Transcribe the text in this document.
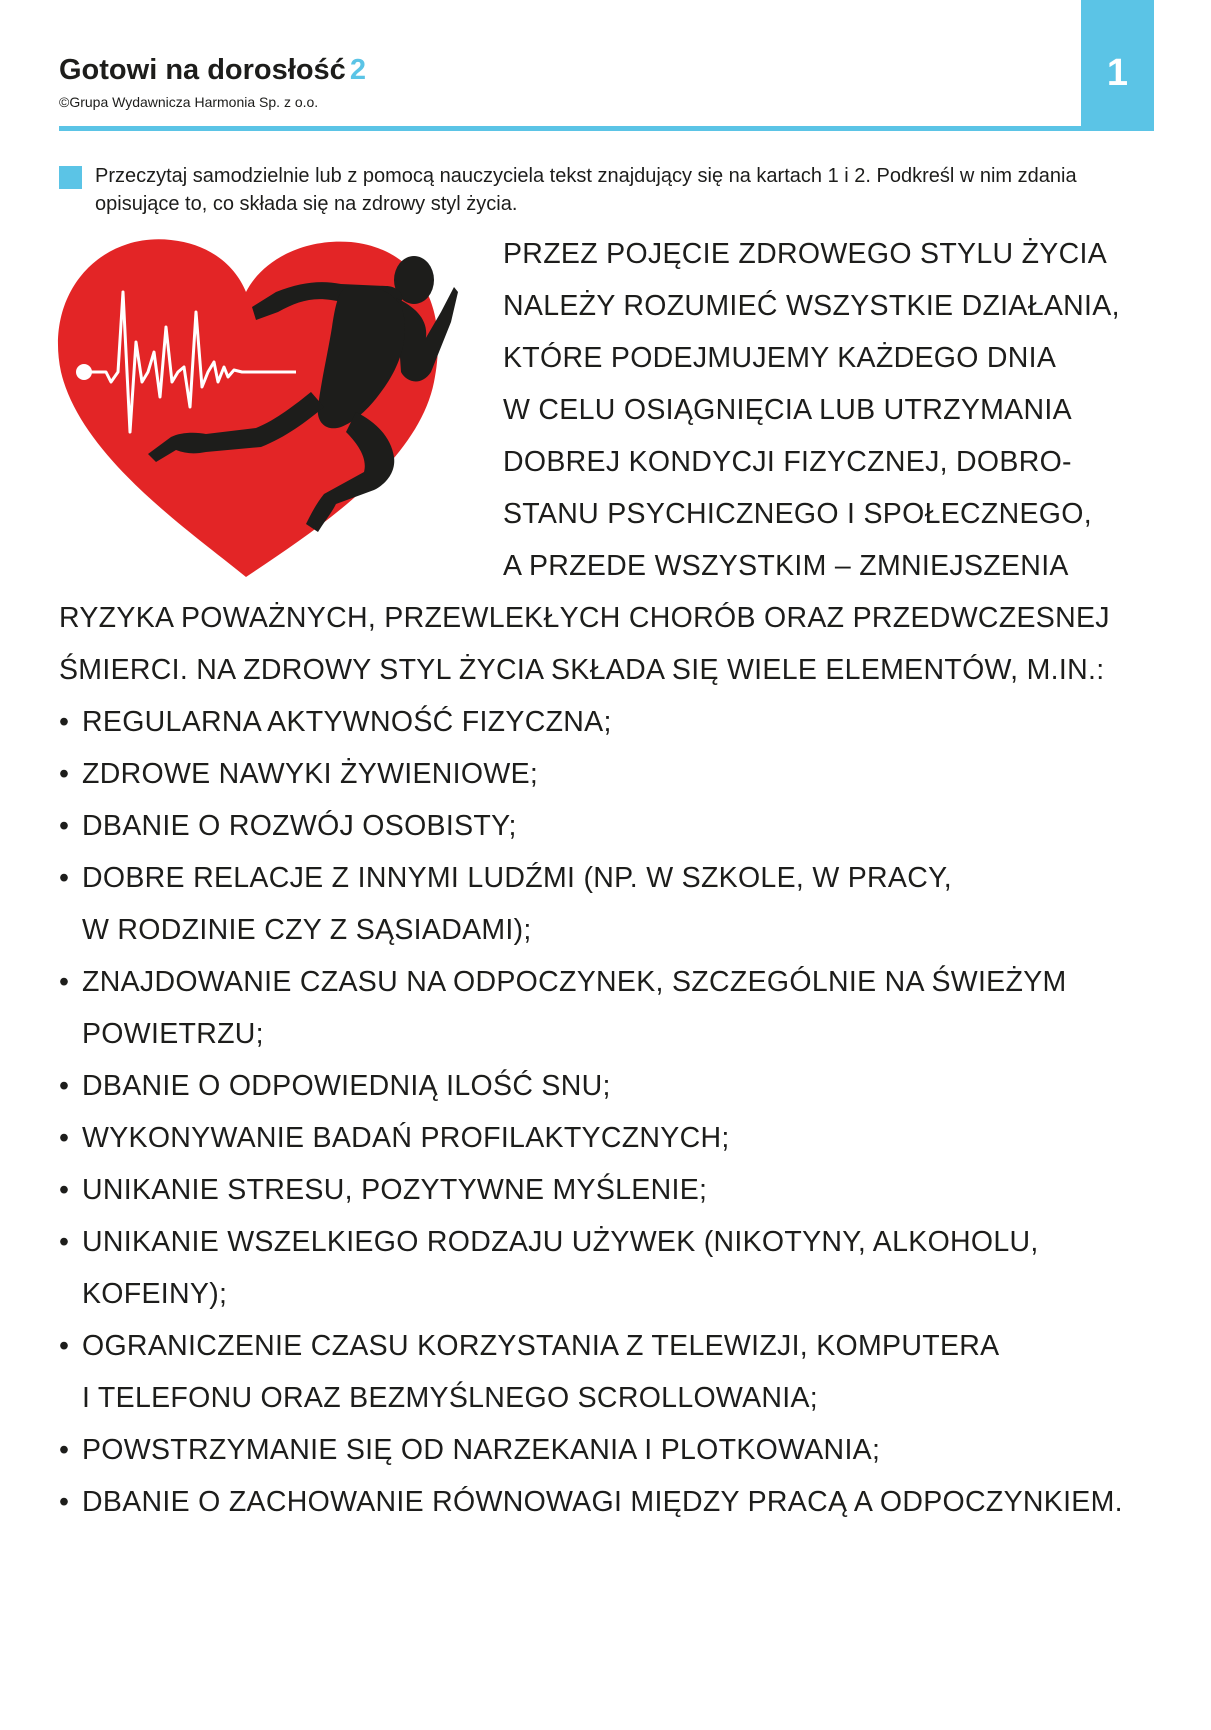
1
Gotowi na dorosłość 2
©Grupa Wydawnicza Harmonia Sp. z o.o.

Przeczytaj samodzielnie lub z pomocą nauczyciela tekst znajdujący się na kartach 1 i 2. Podkreśl w nim zdania opisujące to, co składa się na zdrowy styl życia.

PRZEZ POJĘCIE ZDROWEGO STYLU ŻYCIA
NALEŻY ROZUMIEĆ WSZYSTKIE DZIAŁANIA,
KTÓRE PODEJMUJEMY KAŻDEGO DNIA
W CELU OSIĄGNIĘCIA LUB UTRZYMANIA
DOBREJ KONDYCJI FIZYCZNEJ, DOBRO-
STANU PSYCHICZNEGO I SPOŁECZNEGO,
A PRZEDE WSZYSTKIM – ZMNIEJSZENIA
RYZYKA POWAŻNYCH, PRZEWLEKŁYCH CHORÓB ORAZ PRZEDWCZESNEJ
ŚMIERCI. NA ZDROWY STYL ŻYCIA SKŁADA SIĘ WIELE ELEMENTÓW, M.IN.:
• REGULARNA AKTYWNOŚĆ FIZYCZNA;
• ZDROWE NAWYKI ŻYWIENIOWE;
• DBANIE O ROZWÓJ OSOBISTY;
• DOBRE RELACJE Z INNYMI LUDŹMI (NP. W SZKOLE, W PRACY,
W RODZINIE CZY Z SĄSIADAMI);
• ZNAJDOWANIE CZASU NA ODPOCZYNEK, SZCZEGÓLNIE NA ŚWIEŻYM
POWIETRZU;
• DBANIE O ODPOWIEDNIĄ ILOŚĆ SNU;
• WYKONYWANIE BADAŃ PROFILAKTYCZNYCH;
• UNIKANIE STRESU, POZYTYWNE MYŚLENIE;
• UNIKANIE WSZELKIEGO RODZAJU UŻYWEK (NIKOTYNY, ALKOHOLU,
KOFEINY);
• OGRANICZENIE CZASU KORZYSTANIA Z TELEWIZJI, KOMPUTERA
I TELEFONU ORAZ BEZMYŚLNEGO SCROLLOWANIA;
• POWSTRZYMANIE SIĘ OD NARZEKANIA I PLOTKOWANIA;
• DBANIE O ZACHOWANIE RÓWNOWAGI MIĘDZY PRACĄ A ODPOCZYNKIEM.
